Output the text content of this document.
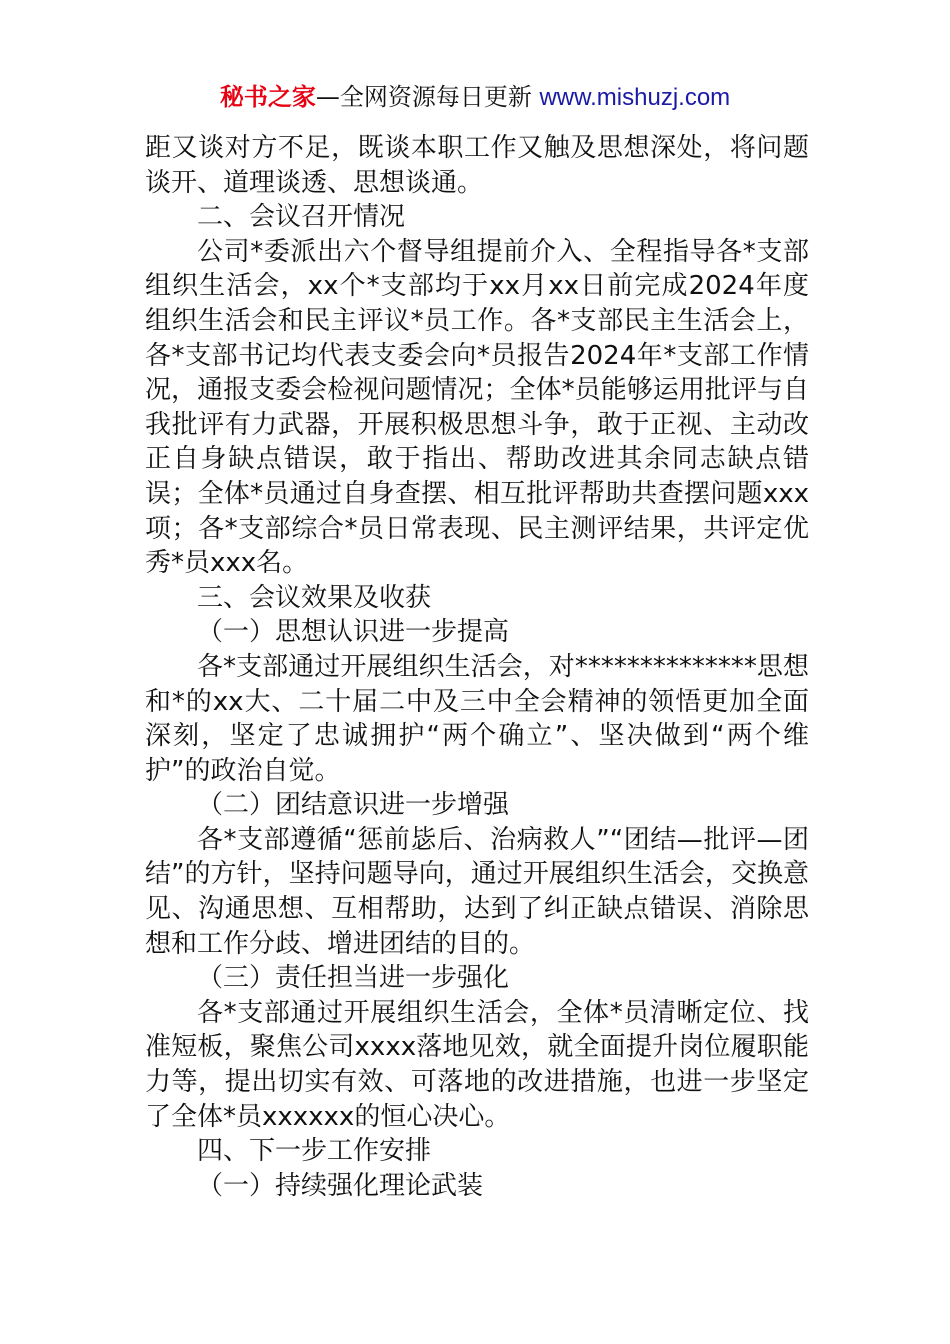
秘书之家—全网资源每日更新 www.mishuzj.com

距又谈对方不足，既谈本职工作又触及思想深处，将问题谈开、道理谈透、思想谈通。

二、会议召开情况

公司*委派出六个督导组提前介入、全程指导各*支部组织生活会，xx个*支部均于xx月xx日前完成2024年度组织生活会和民主评议*员工作。各*支部民主生活会上，各*支部书记均代表支委会向*员报告2024年*支部工作情况，通报支委会检视问题情况；全体*员能够运用批评与自我批评有力武器，开展积极思想斗争，敢于正视、主动改正自身缺点错误，敢于指出、帮助改进其余同志缺点错误；全体*员通过自身查摆、相互批评帮助共查摆问题xxx项；各*支部综合*员日常表现、民主测评结果，共评定优秀*员xxx名。

三、会议效果及收获

（一）思想认识进一步提高

各*支部通过开展组织生活会，对**************思想和*的xx大、二十届二中及三中全会精神的领悟更加全面深刻，坚定了忠诚拥护“两个确立”、坚决做到“两个维护”的政治自觉。

（二）团结意识进一步增强

各*支部遵循“惩前毖后、治病救人”“团结—批评—团结”的方针，坚持问题导向，通过开展组织生活会，交换意见、沟通思想、互相帮助，达到了纠正缺点错误、消除思想和工作分歧、增进团结的目的。

（三）责任担当进一步强化

各*支部通过开展组织生活会，全体*员清晰定位、找准短板，聚焦公司xxxx落地见效，就全面提升岗位履职能力等，提出切实有效、可落地的改进措施，也进一步坚定了全体*员xxxxxx的恒心决心。

四、下一步工作安排

（一）持续强化理论武装
